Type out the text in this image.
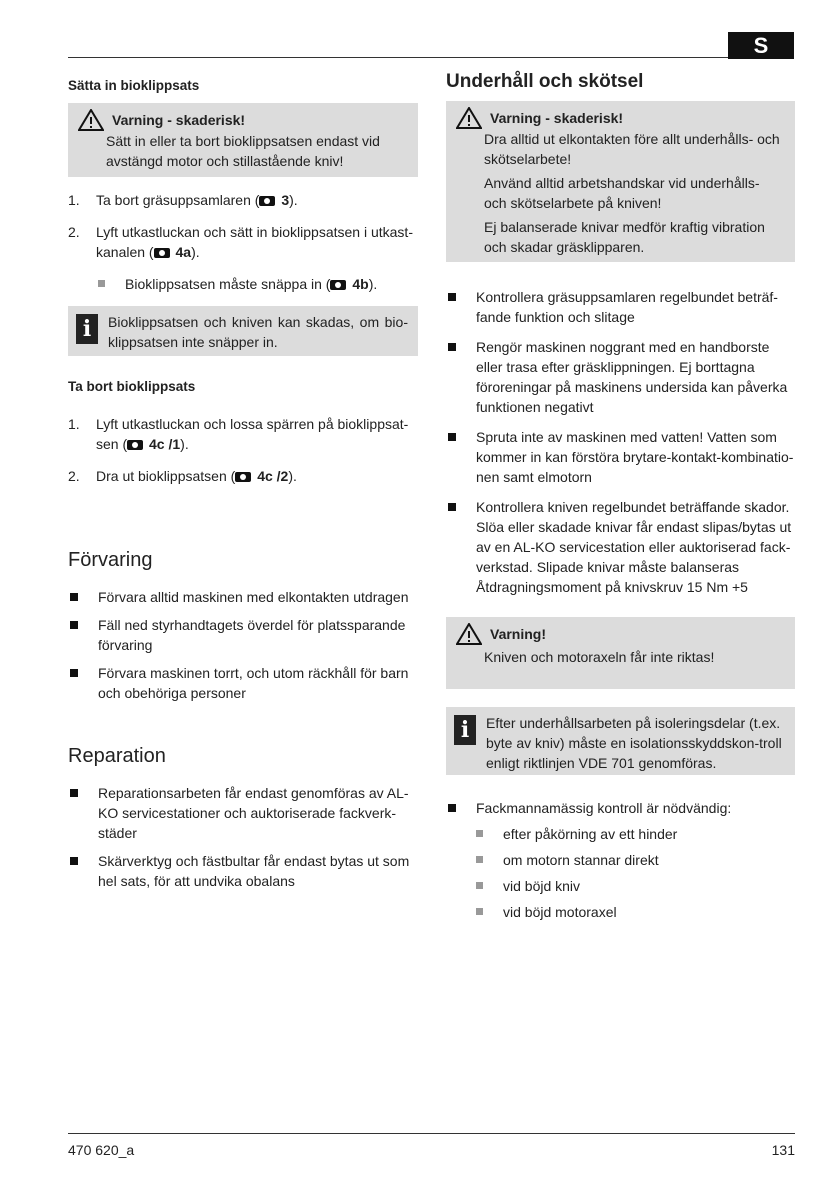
S
Sätta in bioklippsats
Varning - skaderisk!
Sätt in eller ta bort bioklippsatsen endast vid avstängd motor och stillastående kniv!
1.	Ta bort gräsuppsamlaren ( 3).
2.	Lyft utkastluckan och sätt in bioklippsatsen i utkast-kanalen ( 4a).
Bioklippsatsen måste snäppa in ( 4b).
i	Bioklippsatsen och kniven kan skadas, om bio-klippsatsen inte snäpper in.
Ta bort bioklippsats
1.	Lyft utkastluckan och lossa spärren på bioklippsat-sen ( 4c /1).
2.	Dra ut bioklippsatsen ( 4c /2).
Förvaring
Förvara alltid maskinen med elkontakten utdragen
Fäll ned styrhandtagets överdel för platssparande förvaring
Förvara maskinen torrt, och utom räckhåll för barn och obehöriga personer
Reparation
Reparationsarbeten får endast genomföras av AL-KO servicestationer och auktoriserade fackverk-städer
Skärverktyg och fästbultar får endast bytas ut som hel sats, för att undvika obalans
Underhåll och skötsel
Varning - skaderisk!
Dra alltid ut elkontakten före allt underhålls- och skötselarbete!
Använd alltid arbetshandskar vid underhålls- och skötselarbete på kniven!
Ej balanserade knivar medför kraftig vibration och skadar gräsklipparen.
Kontrollera gräsuppsamlaren regelbundet beträf-fande funktion och slitage
Rengör maskinen noggrant med en handborste eller trasa efter gräsklippningen. Ej borttagna föroreningar på maskinens undersida kan påverka funktionen negativt
Spruta inte av maskinen med vatten! Vatten som kommer in kan förstöra brytare-kontakt-kombinatio-nen samt elmotorn
Kontrollera kniven regelbundet beträffande skador. Slöa eller skadade knivar får endast slipas/bytas ut av en AL-KO servicestation eller auktoriserad fack-verkstad. Slipade knivar måste balanseras Åtdragningsmoment på knivskruv 15 Nm +5
Varning!
Kniven och motoraxeln får inte riktas!
i	Efter underhållsarbeten på isoleringsdelar (t.ex. byte av kniv) måste en isolationsskyddskon-troll enligt riktlinjen VDE 701 genomföras.
Fackmannamässig kontroll är nödvändig:
efter påkörning av ett hinder
om motorn stannar direkt
vid böjd kniv
vid böjd motoraxel
470 620_a	131
